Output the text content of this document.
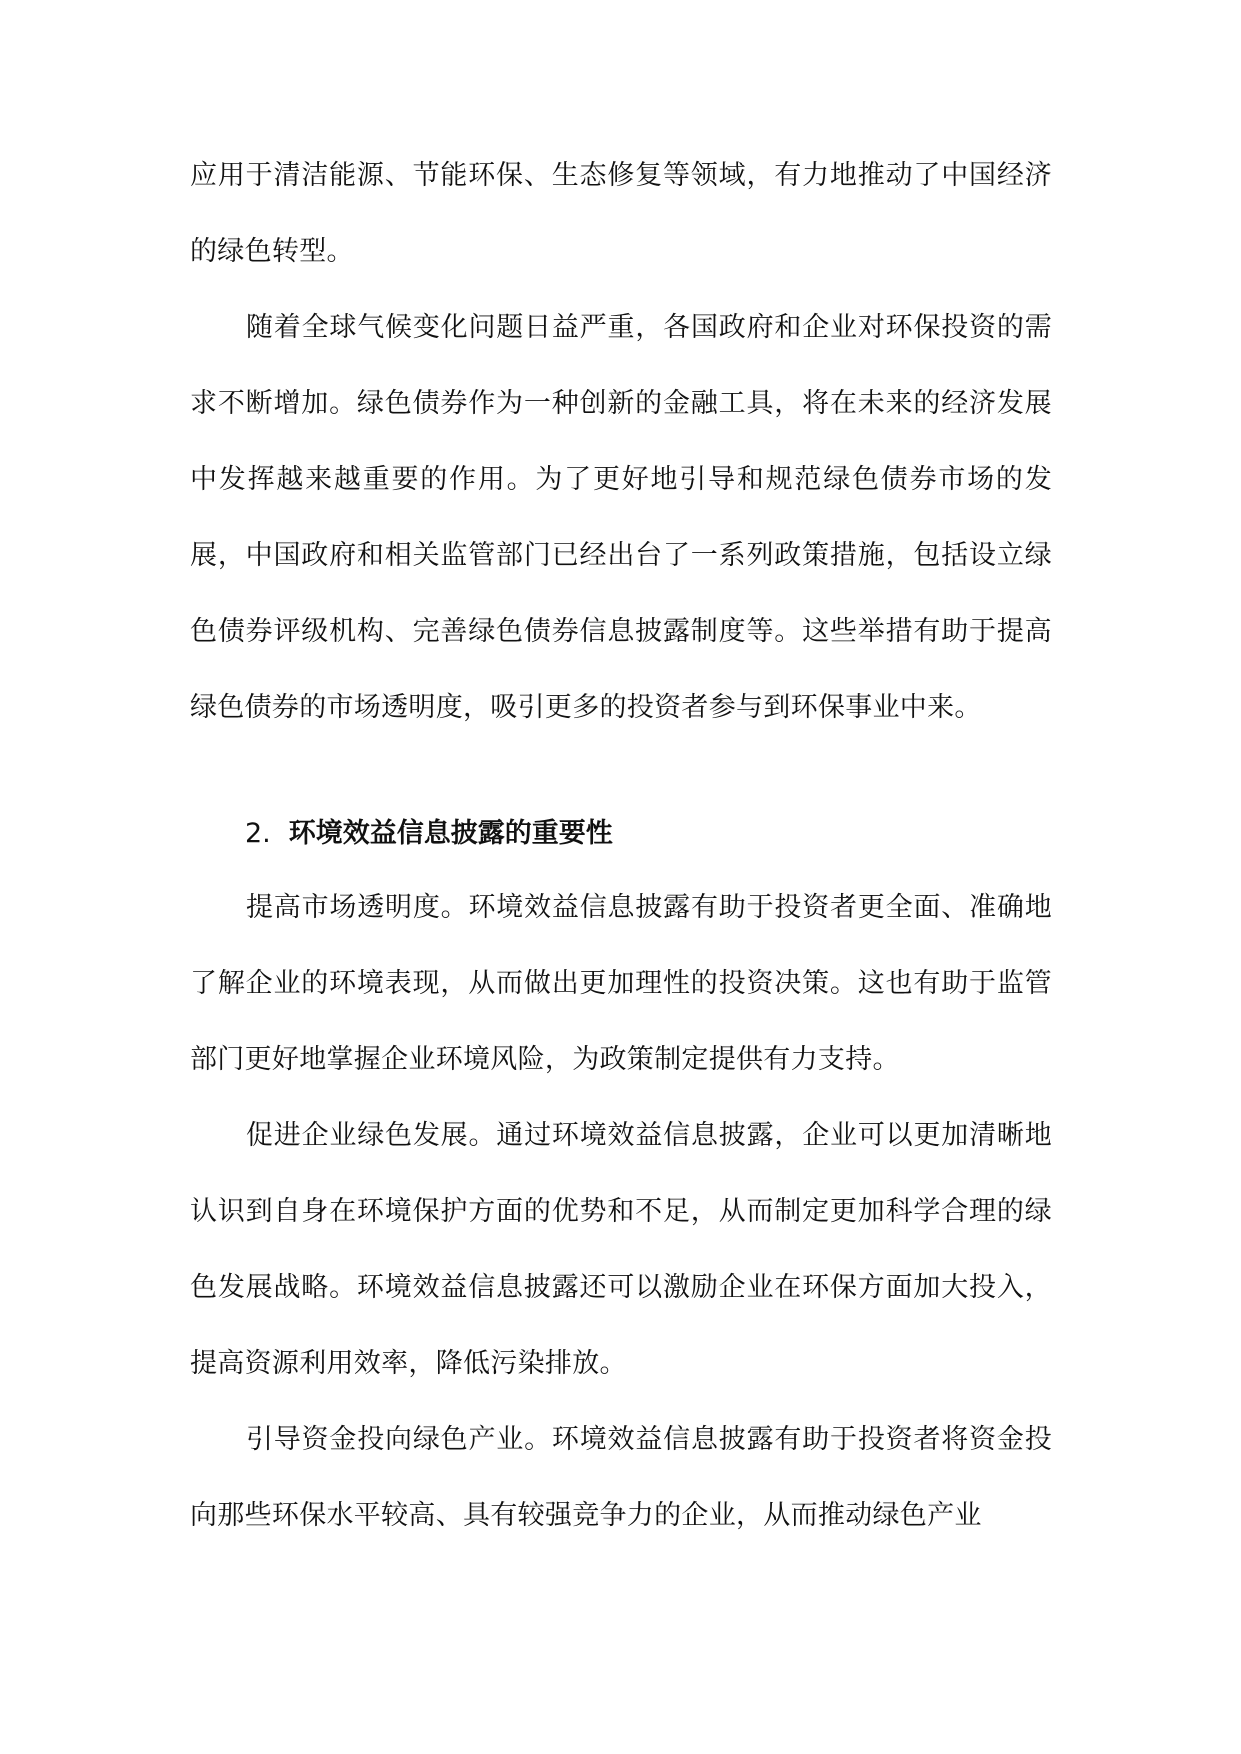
应用于清洁能源、节能环保、生态修复等领域，有力地推动了中国经济的绿色转型。

随着全球气候变化问题日益严重，各国政府和企业对环保投资的需求不断增加。绿色债券作为一种创新的金融工具，将在未来的经济发展中发挥越来越重要的作用。为了更好地引导和规范绿色债券市场的发展，中国政府和相关监管部门已经出台了一系列政策措施，包括设立绿色债券评级机构、完善绿色债券信息披露制度等。这些举措有助于提高绿色债券的市场透明度，吸引更多的投资者参与到环保事业中来。

2. 环境效益信息披露的重要性

提高市场透明度。环境效益信息披露有助于投资者更全面、准确地了解企业的环境表现，从而做出更加理性的投资决策。这也有助于监管部门更好地掌握企业环境风险，为政策制定提供有力支持。

促进企业绿色发展。通过环境效益信息披露，企业可以更加清晰地认识到自身在环境保护方面的优势和不足，从而制定更加科学合理的绿色发展战略。环境效益信息披露还可以激励企业在环保方面加大投入，提高资源利用效率，降低污染排放。

引导资金投向绿色产业。环境效益信息披露有助于投资者将资金投向那些环保水平较高、具有较强竞争力的企业，从而推动绿色产业
